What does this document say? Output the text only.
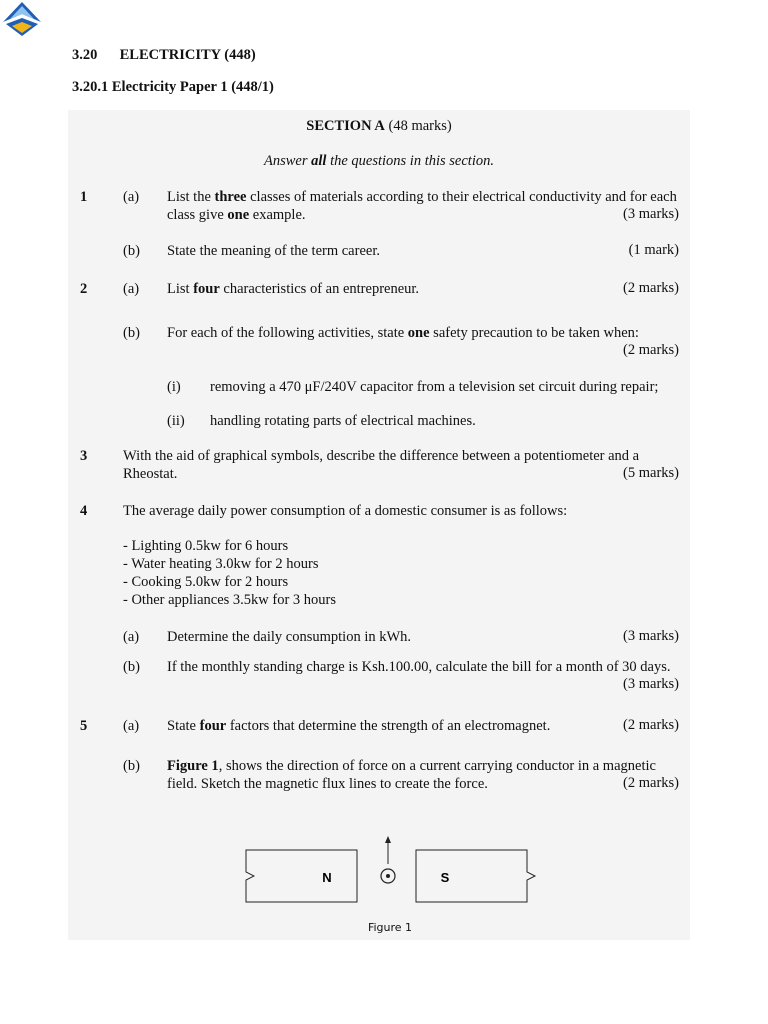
3.20 ELECTRICITY (448)
3.20.1 Electricity Paper 1 (448/1)
SECTION A (48 marks)
Answer all the questions in this section.
1 (a) List the three classes of materials according to their electrical conductivity and for each
class give one example.	(3 marks)
(b) State the meaning of the term career.	(1 mark)
2 (a) List four characteristics of an entrepreneur.	(2 marks)
(b) For each of the following activities, state one safety precaution to be taken when:
(2 marks)
(i) removing a 470 μF/240V capacitor from a television set circuit during repair;
(ii) handling rotating parts of electrical machines.
3 With the aid of graphical symbols, describe the difference between a potentiometer and a
Rheostat.	(5 marks)
4 The average daily power consumption of a domestic consumer is as follows:
- Lighting 0.5kw for 6 hours
- Water heating 3.0kw for 2 hours
- Cooking 5.0kw for 2 hours
- Other appliances 3.5kw for 3 hours
(a) Determine the daily consumption in kWh.	(3 marks)
(b) If the monthly standing charge is Ksh.100.00, calculate the bill for a month of 30 days.
(3 marks)
5 (a) State four factors that determine the strength of an electromagnet.	(2 marks)
(b) Figure 1, shows the direction of force on a current carrying conductor in a magnetic
field. Sketch the magnetic flux lines to create the force.	(2 marks)
N	S
Figure 1
